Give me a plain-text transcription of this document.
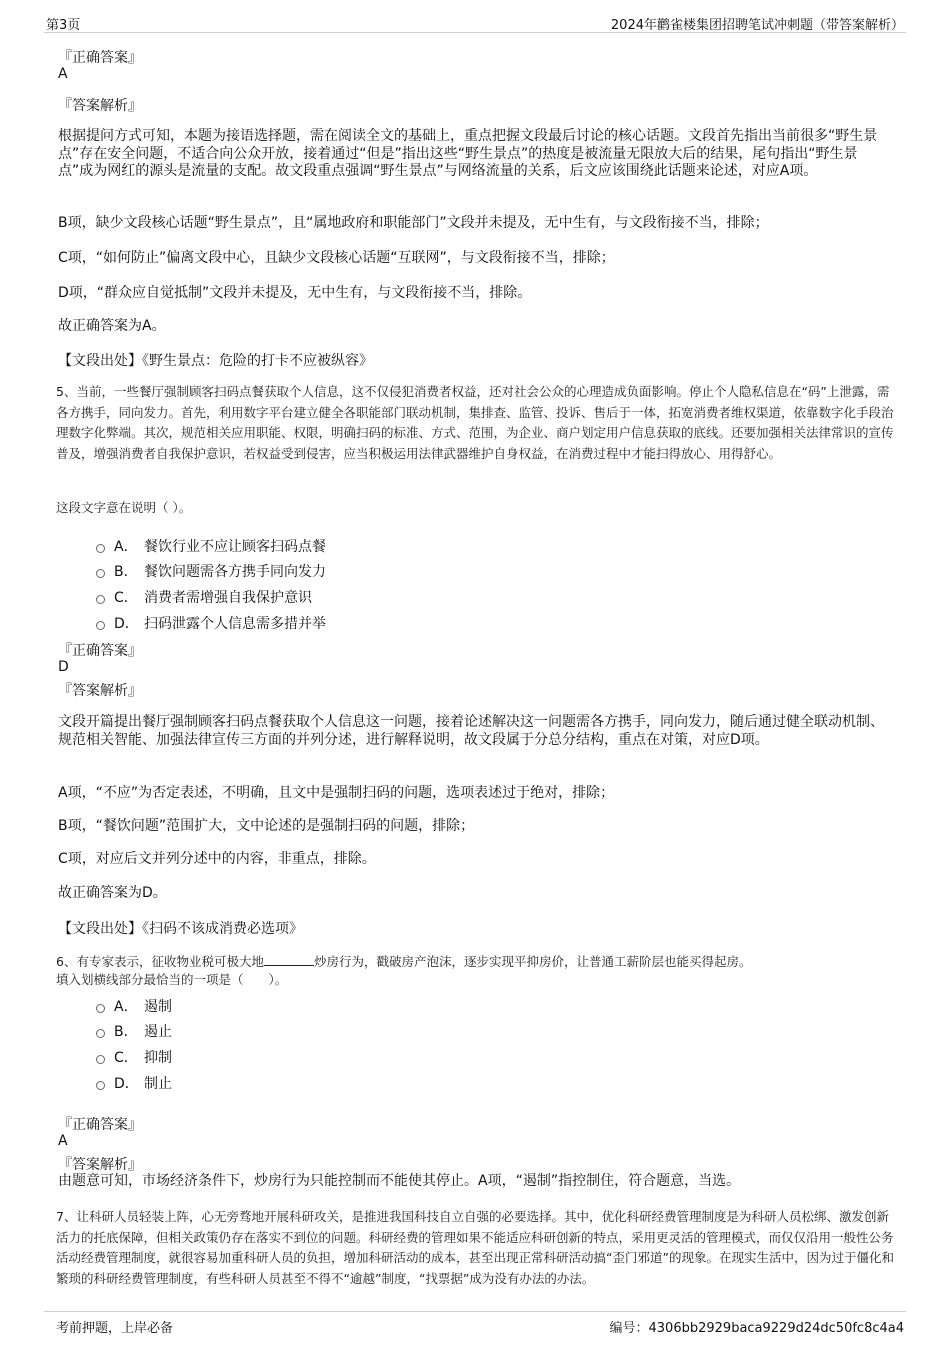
第3页	2024年鹳雀楼集团招聘笔试冲刺题（带答案解析）
『正确答案』
A
『答案解析』
根据提问方式可知，本题为接语选择题，需在阅读全文的基础上，重点把握文段最后讨论的核心话题。文段首先指出当前很多“野生景点”存在安全问题，不适合向公众开放，接着通过“但是”指出这些“野生景点”的热度是被流量无限放大后的结果，尾句指出“野生景点”成为网红的源头是流量的支配。故文段重点强调“野生景点”与网络流量的关系，后文应该围绕此话题来论述，对应A项。
B项，缺少文段核心话题“野生景点”，且“属地政府和职能部门”文段并未提及，无中生有，与文段衔接不当，排除；
C项，“如何防止”偏离文段中心，且缺少文段核心话题“互联网”，与文段衔接不当，排除；
D项，“群众应自觉抵制”文段并未提及，无中生有，与文段衔接不当，排除。
故正确答案为A。
【文段出处】《野生景点：危险的打卡不应被纵容》
5、当前，一些餐厅强制顾客扫码点餐获取个人信息，这不仅侵犯消费者权益，还对社会公众的心理造成负面影响。停止个人隐私信息在“码”上泄露，需各方携手，同向发力。首先，利用数字平台建立健全各职能部门联动机制，集排查、监管、投诉、售后于一体，拓宽消费者维权渠道，依靠数字化手段治理数字化弊端。其次，规范相关应用职能、权限，明确扫码的标准、方式、范围，为企业、商户划定用户信息获取的底线。还要加强相关法律常识的宣传普及，增强消费者自我保护意识，若权益受到侵害，应当积极运用法律武器维护自身权益，在消费过程中才能扫得放心、用得舒心。
这段文字意在说明（ ）。
A． 餐饮行业不应让顾客扫码点餐
B． 餐饮问题需各方携手同向发力
C． 消费者需增强自我保护意识
D． 扫码泄露个人信息需多措并举
『正确答案』
D
『答案解析』
文段开篇提出餐厅强制顾客扫码点餐获取个人信息这一问题，接着论述解决这一问题需各方携手，同向发力，随后通过健全联动机制、规范相关智能、加强法律宣传三方面的并列分述，进行解释说明，故文段属于分总分结构，重点在对策，对应D项。
A项，“不应”为否定表述，不明确，且文中是强制扫码的问题，选项表述过于绝对，排除；
B项，“餐饮问题”范围扩大，文中论述的是强制扫码的问题，排除；
C项，对应后文并列分述中的内容，非重点，排除。
故正确答案为D。
【文段出处】《扫码不该成消费必选项》
6、有专家表示，征收物业税可极大地	炒房行为，戳破房产泡沫，逐步实现平抑房价，让普通工薪阶层也能买得起房。
填入划横线部分最恰当的一项是（　　）。
A． 遏制
B． 遏止
C． 抑制
D． 制止
『正确答案』
A
『答案解析』
由题意可知，市场经济条件下，炒房行为只能控制而不能使其停止。A项，“遏制”指控制住，符合题意，当选。
7、让科研人员轻装上阵，心无旁骛地开展科研攻关，是推进我国科技自立自强的必要选择。其中，优化科研经费管理制度是为科研人员松绑、激发创新活力的托底保障，但相关政策仍存在落实不到位的问题。科研经费的管理如果不能适应科研创新的特点，采用更灵活的管理模式，而仅仅沿用一般性公务活动经费管理制度，就很容易加重科研人员的负担，增加科研活动的成本，甚至出现正常科研活动搞“歪门邪道”的现象。在现实生活中，因为过于僵化和繁琐的科研经费管理制度，有些科研人员甚至不得不“逾越”制度，“找票据”成为没有办法的办法。
考前押题，上岸必备	编号：4306bb2929baca9229d24dc50fc8c4a4
